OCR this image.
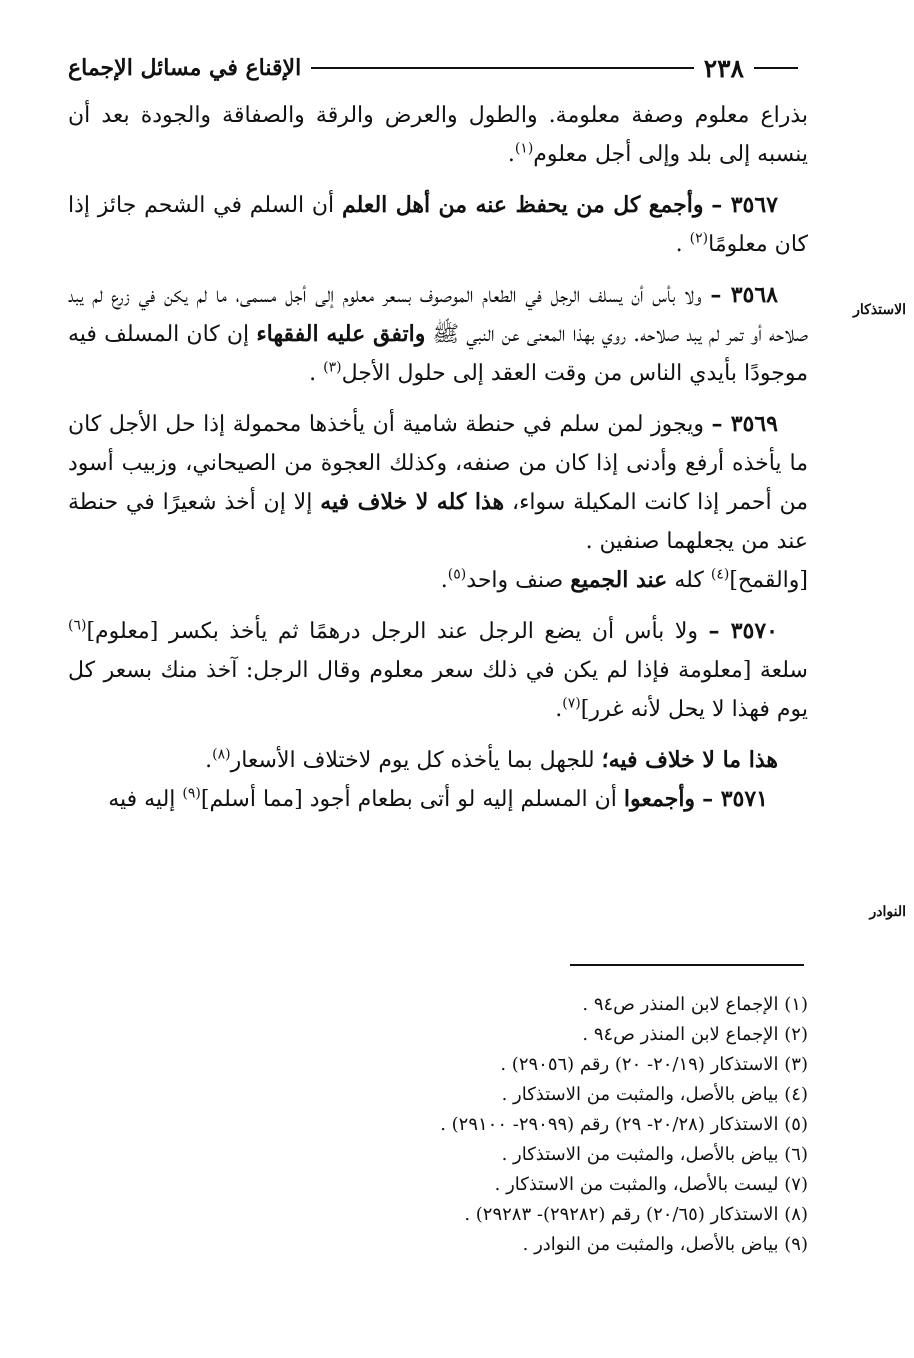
٢٣٨
الإقناع في مسائل الإجماع
الاستذكار
النوادر

بذراع معلوم وصفة معلومة. والطول والعرض والرقة والصفاقة والجودة بعد أن ينسبه إلى بلد وإلى أجل معلوم$^{(١)}$.

٣٥٦٧ – وأجمع كل من يحفظ عنه من أهل العلم أن السلم في الشحم جائز إذا كان معلومًا$^{(٢)}$ .

٣٥٦٨ – ولا بأس أن يسلف الرجل في الطعام الموصوف بسعر معلوم إلى أجل مسمى، ما لم يكن في زرع لم يبد صلاحه أو تمر لم يبد صلاحه. روي بهذا المعنى عن النبي ﷺ واتفق عليه الفقهاء إن كان المسلف فيه موجودًا بأيدي الناس من وقت العقد إلى حلول الأجل$^{(٣)}$ .

٣٥٦٩ – ويجوز لمن سلم في حنطة شامية أن يأخذها محمولة إذا حل الأجل كان ما يأخذه أرفع وأدنى إذا كان من صنفه، وكذلك العجوة من الصيحاني، وزبيب أسود من أحمر إذا كانت المكيلة سواء، هذا كله لا خلاف فيه إلا إن أخذ شعيرًا في حنطة عند من يجعلهما صنفين .
[والقمح]$^{(٤)}$ كله عند الجميع صنف واحد$^{(٥)}$.

٣٥٧٠ – ولا بأس أن يضع الرجل عند الرجل درهمًا ثم يأخذ بكسر [معلوم]$^{(٦)}$ سلعة [معلومة فإذا لم يكن في ذلك سعر معلوم وقال الرجل: آخذ منك بسعر كل يوم فهذا لا يحل لأنه غرر]$^{(٧)}$.

هذا ما لا خلاف فيه؛ للجهل بما يأخذه كل يوم لاختلاف الأسعار$^{(٨)}$.

٣٥٧١ – وأجمعوا أن المسلم إليه لو أتى بطعام أجود [مما أسلم]$^{(٩)}$ إليه فيه

(١) الإجماع لابن المنذر ص٩٤ .
(٢) الإجماع لابن المنذر ص٩٤ .
(٣) الاستذكار (٢٠/١٩- ٢٠) رقم (٢٩٠٥٦) .
(٤) بياض بالأصل، والمثبت من الاستذكار .
(٥) الاستذكار (٢٠/٢٨- ٢٩) رقم (٢٩٠٩٩- ٢٩١٠٠) .
(٦) بياض بالأصل، والمثبت من الاستذكار .
(٧) ليست بالأصل، والمثبت من الاستذكار .
(٨) الاستذكار (٢٠/٦٥) رقم (٢٩٢٨٢)- ٢٩٢٨٣) .
(٩) بياض بالأصل، والمثبت من النوادر .
